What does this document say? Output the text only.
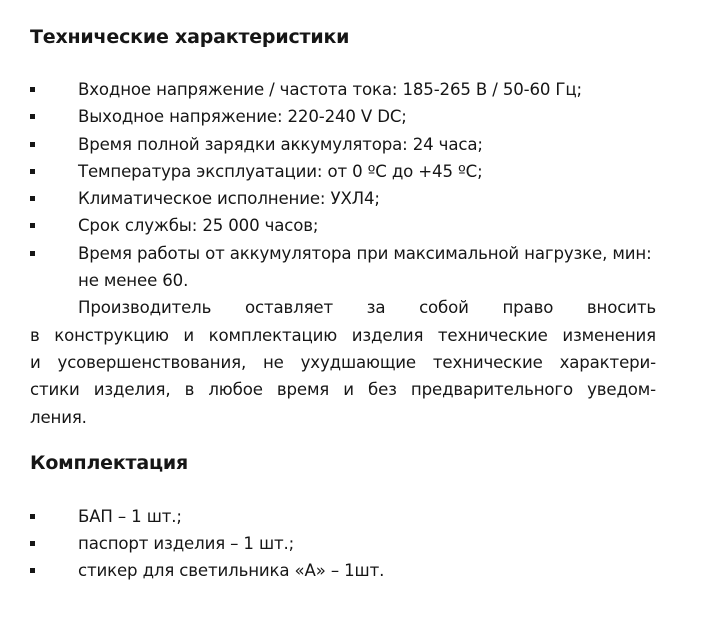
Технические характеристики
Входное напряжение / частота тока: 185-265 В / 50-60 Гц;
Выходное напряжение: 220-240 V DC;
Время полной зарядки аккумулятора: 24 часа;
Температура эксплуатации: от 0 ºС до +45 ºС;
Климатическое исполнение: УХЛ4;
Срок службы: 25 000 часов;
Время работы от аккумулятора при максимальной нагрузке, мин: не менее 60.

Производитель оставляет за собой право вносить
в конструкцию и комплектацию изделия технические изменения
и усовершенствования, не ухудшающие технические характери-
стики изделия, в любое время и без предварительного уведом-
ления.

Комплектация
БАП – 1 шт.;
паспорт изделия – 1 шт.;
стикер для светильника «А» – 1шт.
